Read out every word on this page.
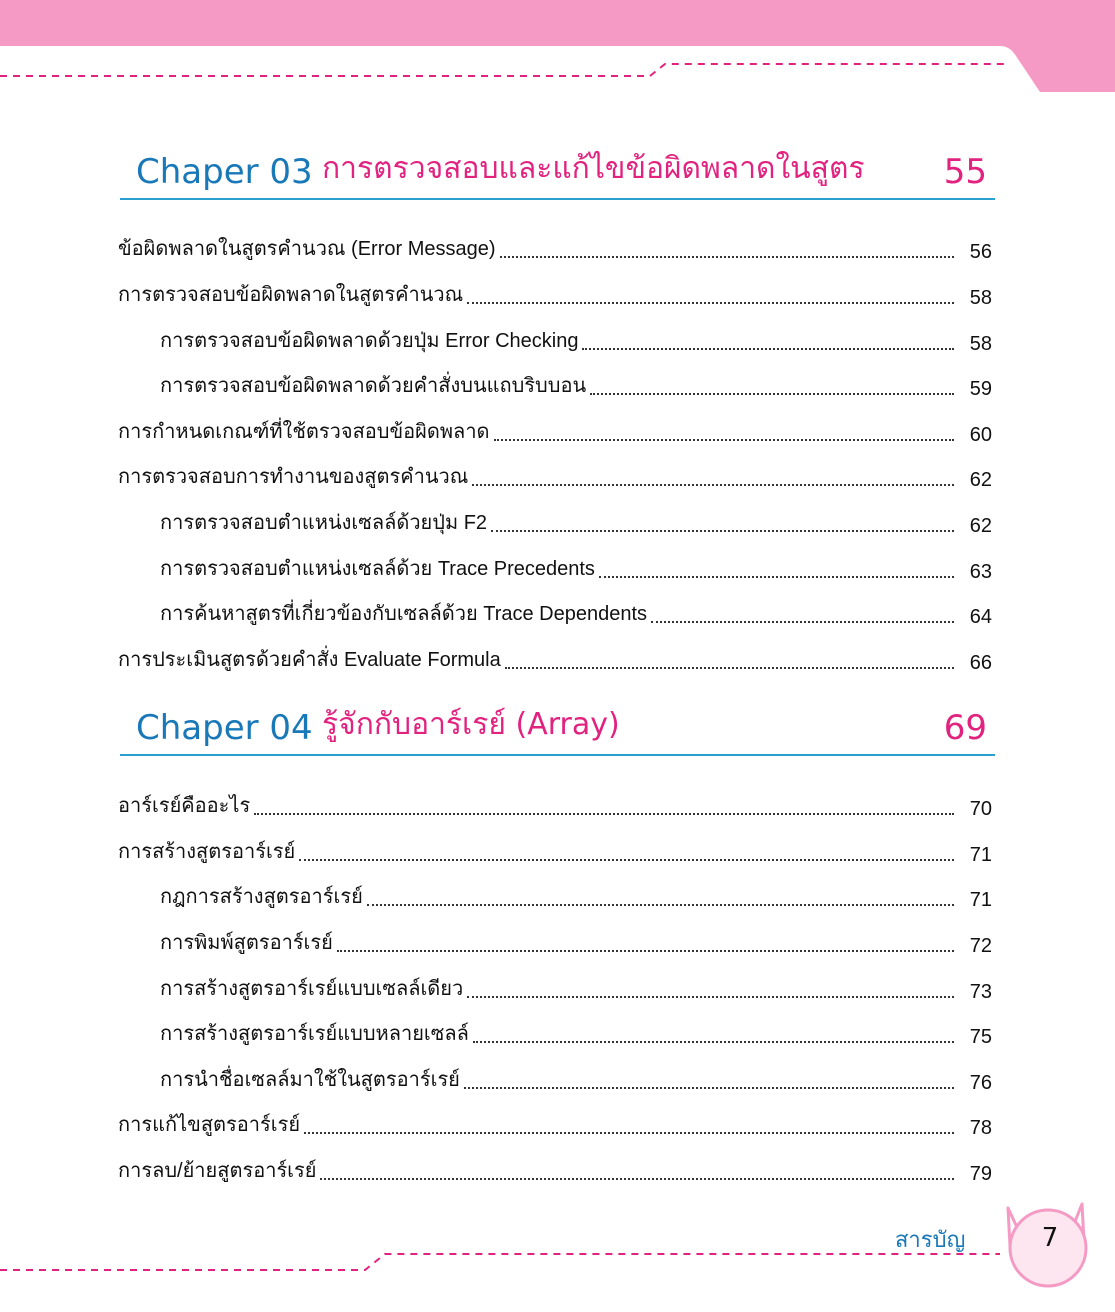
Chaper 03 การตรวจสอบและแก้ไขข้อผิดพลาดในสูตร 55
ข้อผิดพลาดในสูตรคำนวณ (Error Message)	56
การตรวจสอบข้อผิดพลาดในสูตรคำนวณ	58
การตรวจสอบข้อผิดพลาดด้วยปุ่ม Error Checking	58
การตรวจสอบข้อผิดพลาดด้วยคำสั่งบนแถบริบบอน	59
การกำหนดเกณฑ์ที่ใช้ตรวจสอบข้อผิดพลาด	60
การตรวจสอบการทำงานของสูตรคำนวณ	62
การตรวจสอบตำแหน่งเซลล์ด้วยปุ่ม F2	62
การตรวจสอบตำแหน่งเซลล์ด้วย Trace Precedents	63
การค้นหาสูตรที่เกี่ยวข้องกับเซลล์ด้วย Trace Dependents	64
การประเมินสูตรด้วยคำสั่ง Evaluate Formula	66
Chaper 04 รู้จักกับอาร์เรย์ (Array)	69
อาร์เรย์คืออะไร	70
การสร้างสูตรอาร์เรย์	71
กฎการสร้างสูตรอาร์เรย์	71
การพิมพ์สูตรอาร์เรย์	72
การสร้างสูตรอาร์เรย์แบบเซลล์เดียว	73
การสร้างสูตรอาร์เรย์แบบหลายเซลล์	75
การนำชื่อเซลล์มาใช้ในสูตรอาร์เรย์	76
การแก้ไขสูตรอาร์เรย์	78
การลบ/ย้ายสูตรอาร์เรย์	79
สารบัญ	7
